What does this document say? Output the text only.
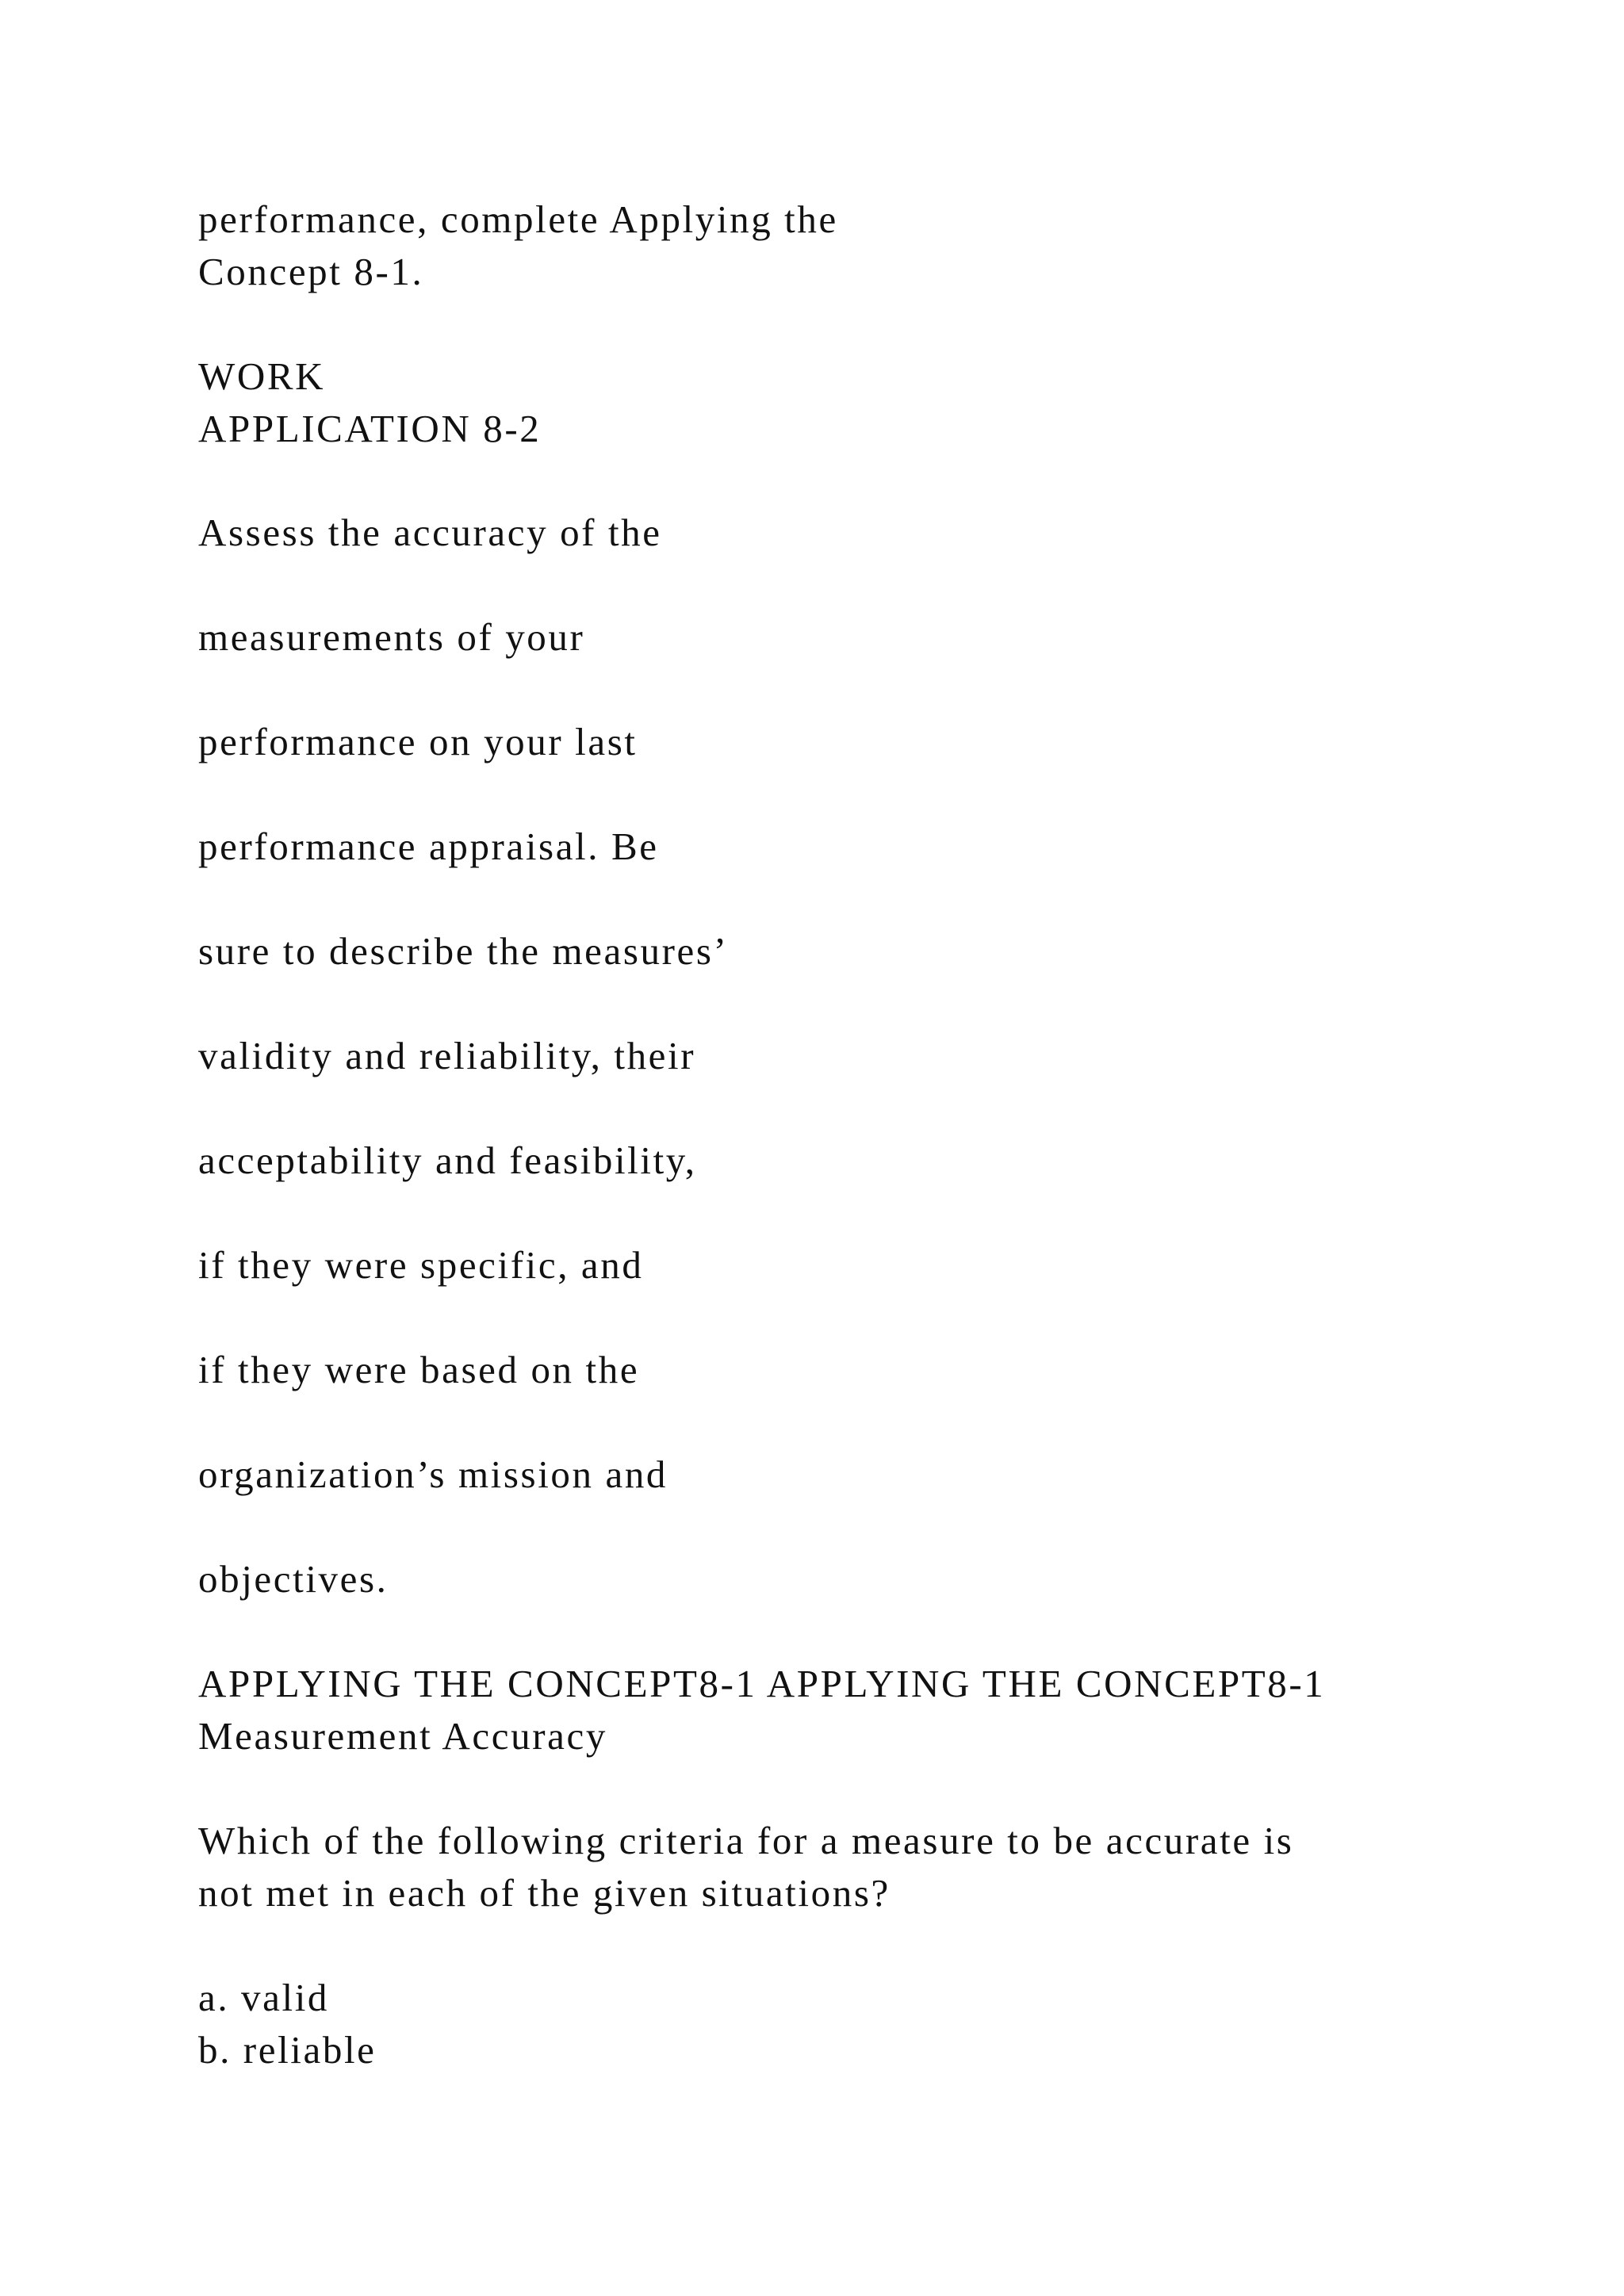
performance, complete Applying the

Concept 8-1.

WORK

APPLICATION 8-2

Assess the accuracy of the

measurements of your

performance on your last

performance appraisal. Be

sure to describe the measures’

validity and reliability, their

acceptability and feasibility,

if they were specific, and

if they were based on the

organization’s mission and

objectives.

APPLYING THE CONCEPT8-1 APPLYING THE CONCEPT8-1

Measurement Accuracy

Which of the following criteria for a measure to be accurate is

not met in each of the given situations?

a. valid

b. reliable
